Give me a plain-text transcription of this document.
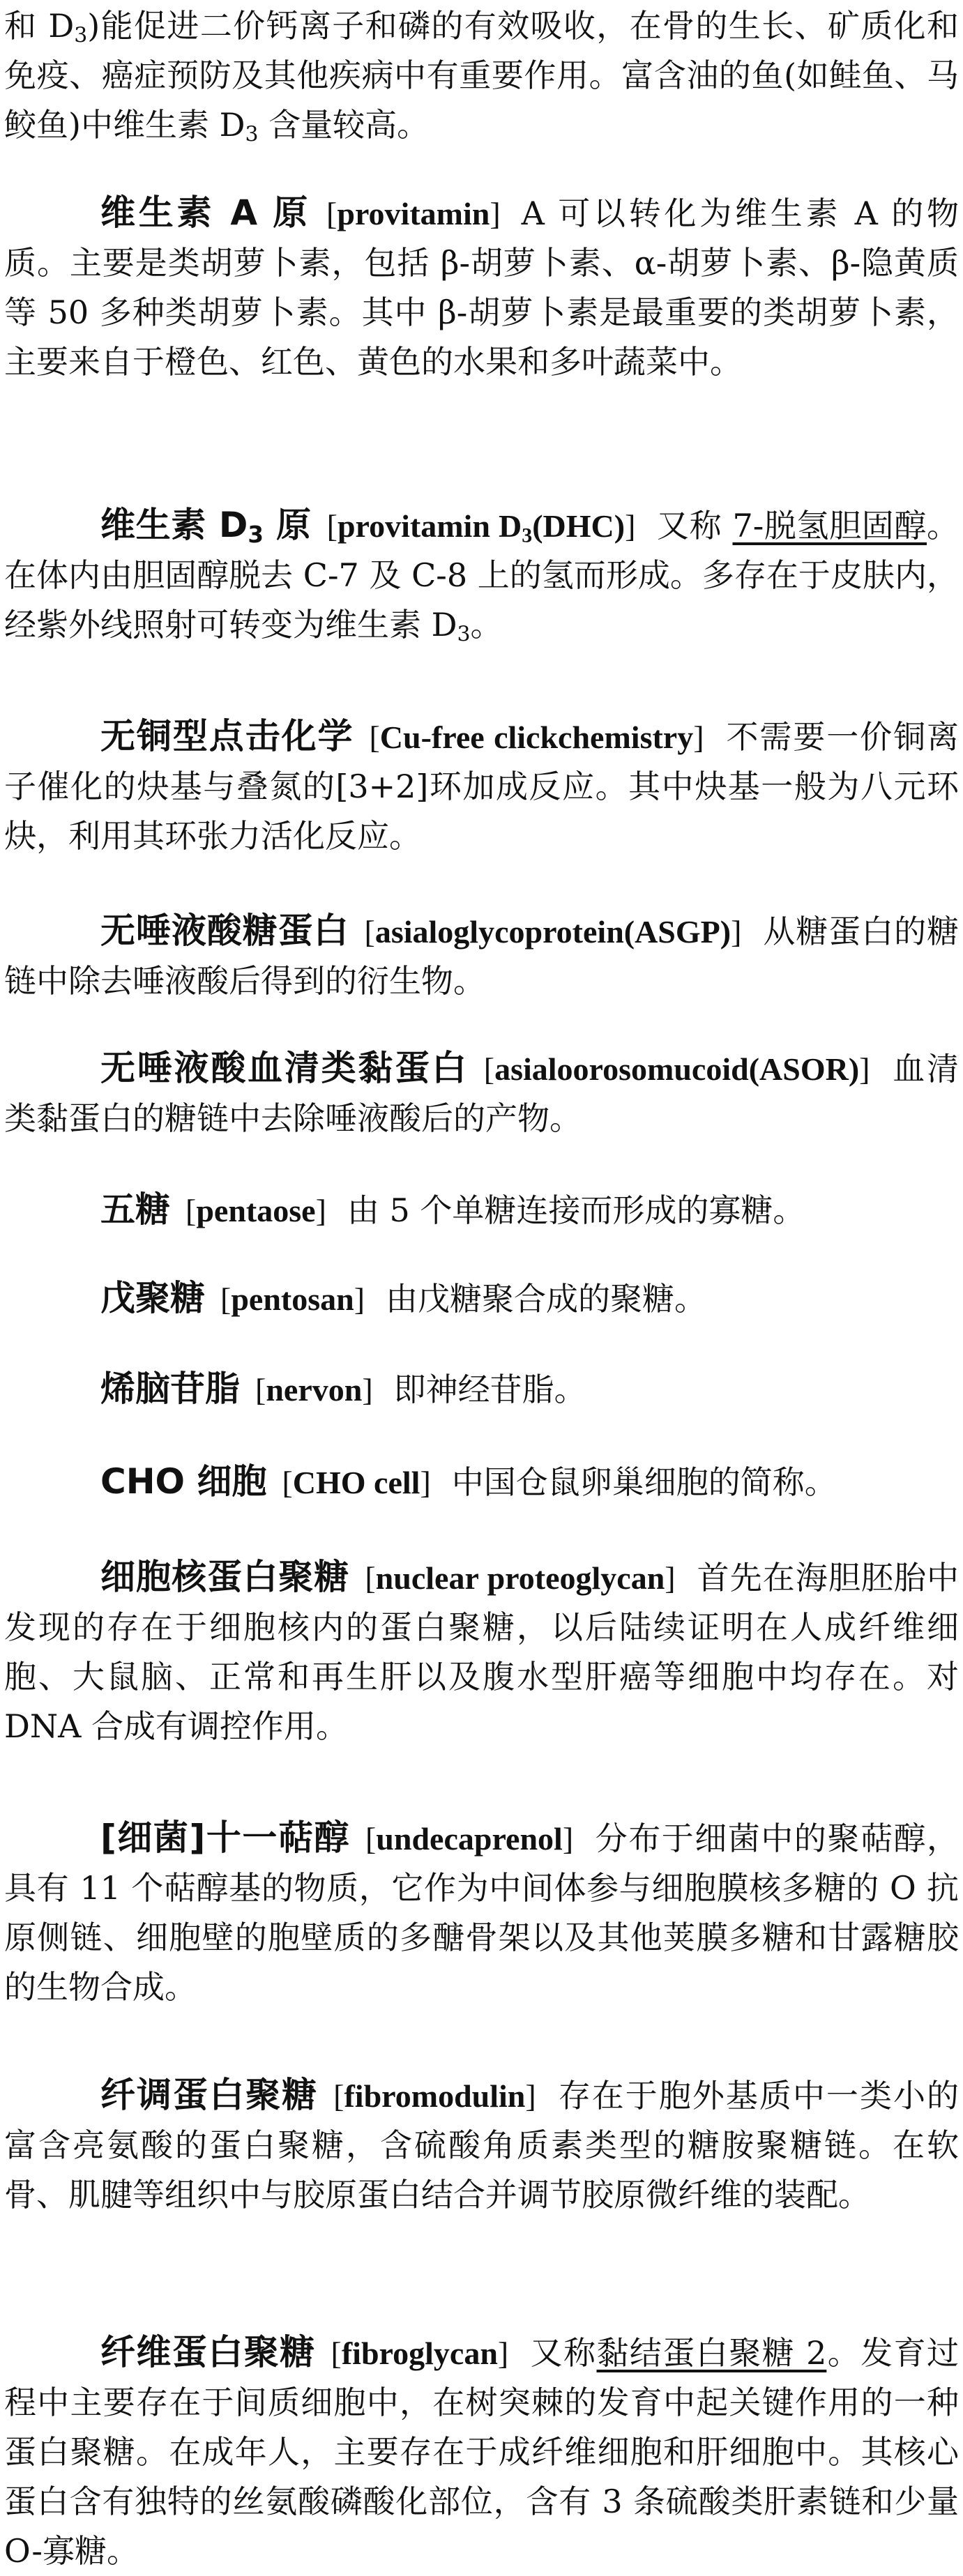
和 $D_3$)能促进二价钙离子和磷的有效吸收，在骨的生长、矿质化和免疫、癌症预防及其他疾病中有重要作用。富含油的鱼(如鲑鱼、马鲛鱼)中维生素 $D_3$ 含量较高。

维生素 A 原 [ provitamin ] A 可以转化为维生素 A 的物质。主要是类胡萝卜素，包括 β-胡萝卜素、α-胡萝卜素、β-隐黄质等 50 多种类胡萝卜素。其中 β-胡萝卜素是最重要的类胡萝卜素，主要来自于橙色、红色、黄色的水果和多叶蔬菜中。

维生素 $D_3$ 原 [ provitamin $D_3(DHC)$ ] 又称 7-脱氢胆固醇。在体内由胆固醇脱去 C-7 及 C-8 上的氢而形成。多存在于皮肤内，经紫外线照射可转变为维生素 $D_3$。

无铜型点击化学 [ Cu-free clickchemistry ] 不需要一价铜离子催化的炔基与叠氮的[3+2]环加成反应。其中炔基一般为八元环炔，利用其环张力活化反应。

无唾液酸糖蛋白 [ asialoglycoprotein(ASGP) ] 从糖蛋白的糖链中除去唾液酸后得到的衍生物。

无唾液酸血清类黏蛋白 [ asialoorosomucoid(ASOR) ] 血清类黏蛋白的糖链中去除唾液酸后的产物。

五糖 [ pentaose ] 由 5 个单糖连接而形成的寡糖。

戊聚糖 [ pentosan ] 由戊糖聚合成的聚糖。

烯脑苷脂 [ nervon ] 即神经苷脂。

CHO 细胞 [ CHO cell ] 中国仓鼠卵巢细胞的简称。

细胞核蛋白聚糖 [ nuclear proteoglycan ] 首先在海胆胚胎中发现的存在于细胞核内的蛋白聚糖，以后陆续证明在人成纤维细胞、大鼠脑、正常和再生肝以及腹水型肝癌等细胞中均存在。对 DNA 合成有调控作用。

[细菌]十一萜醇 [ undecaprenol ] 分布于细菌中的聚萜醇，具有 11 个萜醇基的物质，它作为中间体参与细胞膜核多糖的 O 抗原侧链、细胞壁的胞壁质的多醣骨架以及其他荚膜多糖和甘露糖胶的生物合成。

纤调蛋白聚糖 [ fibromodulin ] 存在于胞外基质中一类小的富含亮氨酸的蛋白聚糖，含硫酸角质素类型的糖胺聚糖链。在软骨、肌腱等组织中与胶原蛋白结合并调节胶原微纤维的装配。

纤维蛋白聚糖 [ fibroglycan ] 又称黏结蛋白聚糖 2。发育过程中主要存在于间质细胞中，在树突棘的发育中起关键作用的一种蛋白聚糖。在成年人，主要存在于成纤维细胞和肝细胞中。其核心蛋白含有独特的丝氨酸磷酸化部位，含有 3 条硫酸类肝素链和少量 O-寡糖。
